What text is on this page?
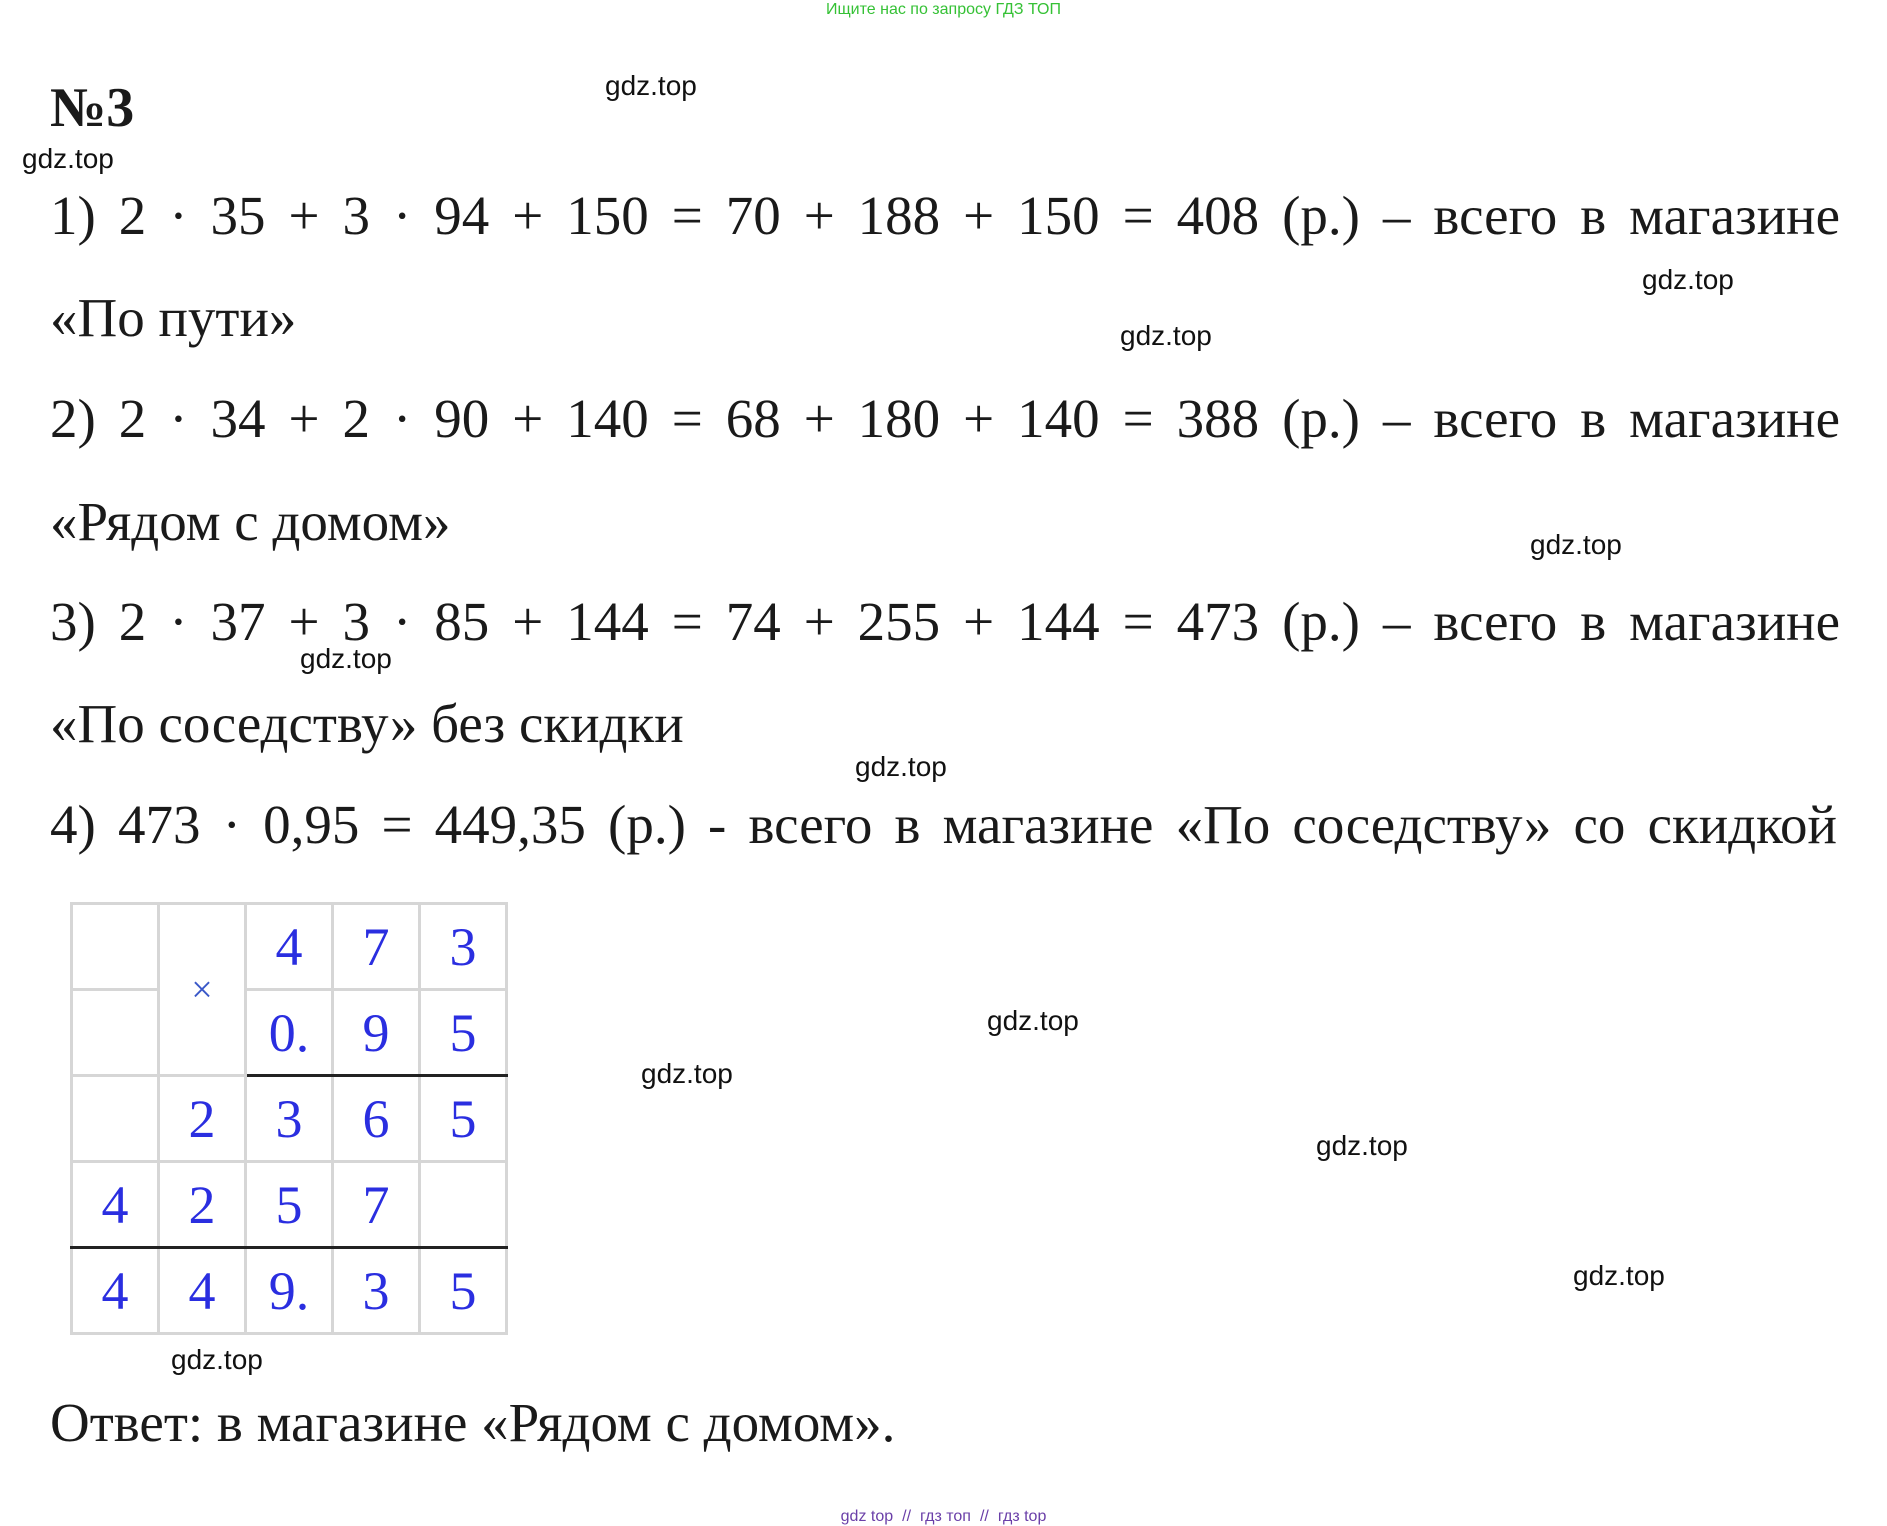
Ищите нас по запросу ГДЗ ТОП
№3
1) 2 · 35 + 3 · 94 + 150 = 70 + 188 + 150 = 408 (р.) – всего в магазине
«По пути»
2) 2 · 34 + 2 · 90 + 140 = 68 + 180 + 140 = 388 (р.) – всего в магазине
«Рядом с домом»
3) 2 · 37 + 3 · 85 + 144 = 74 + 255 + 144 = 473 (р.) – всего в магазине
«По соседству» без скидки
4) 473 · 0,95 = 449,35 (р.) - всего в магазине «По соседству» со скидкой
	×	4	7	3
		0.	9	5
	2	3	6	5
4	2	5	7	
4	4	9.	3	5
Ответ: в магазине «Рядом с домом».
gdz.top
gdz.top
gdz.top
gdz.top
gdz.top
gdz.top
gdz.top
gdz.top
gdz.top
gdz.top
gdz.top
gdz.top
gdz top // гдз топ // гдз top
